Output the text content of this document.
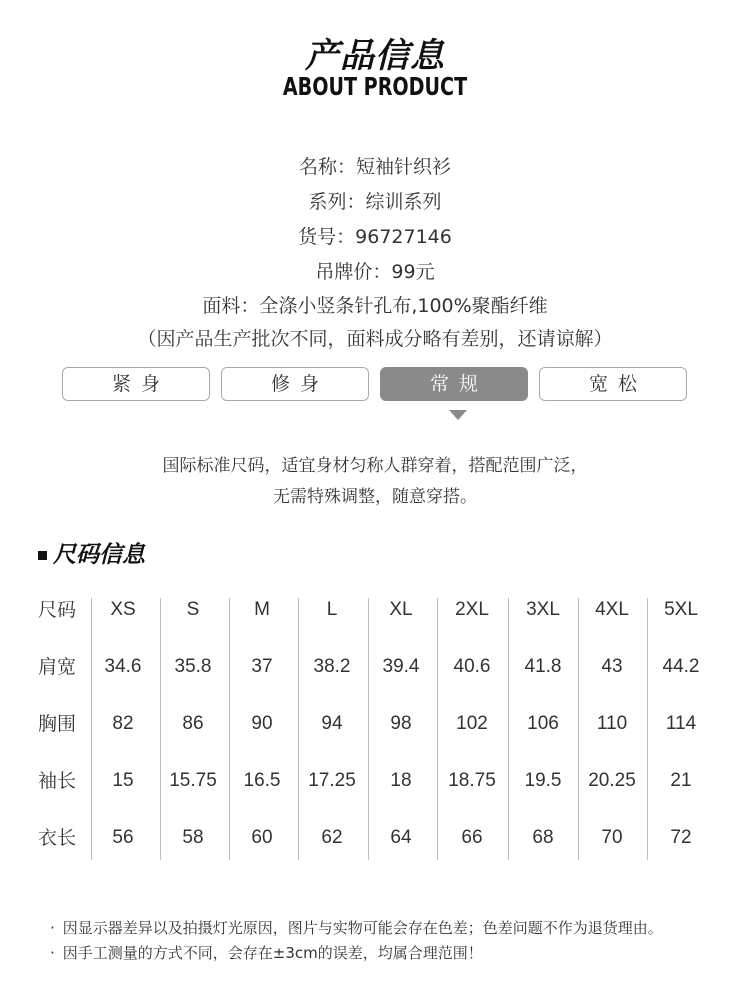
产品信息
ABOUT PRODUCT
名称：短袖针织衫
系列：综训系列
货号：96727146
吊牌价：99元
面料：全涤小竖条针孔布,100%聚酯纤维
（因产品生产批次不同，面料成分略有差别，还请谅解）
紧身	修身	常规	宽松
国际标准尺码，适宜身材匀称人群穿着，搭配范围广泛，
无需特殊调整，随意穿搭。
尺码信息
尺码	XS	S	M	L	XL	2XL	3XL	4XL	5XL
肩宽	34.6	35.8	37	38.2	39.4	40.6	41.8	43	44.2
胸围	82	86	90	94	98	102	106	110	114
袖长	15	15.75	16.5	17.25	18	18.75	19.5	20.25	21
衣长	56	58	60	62	64	66	68	70	72
· 因显示器差异以及拍摄灯光原因，图片与实物可能会存在色差；色差问题不作为退货理由。
· 因手工测量的方式不同，会存在±3cm的误差，均属合理范围！
